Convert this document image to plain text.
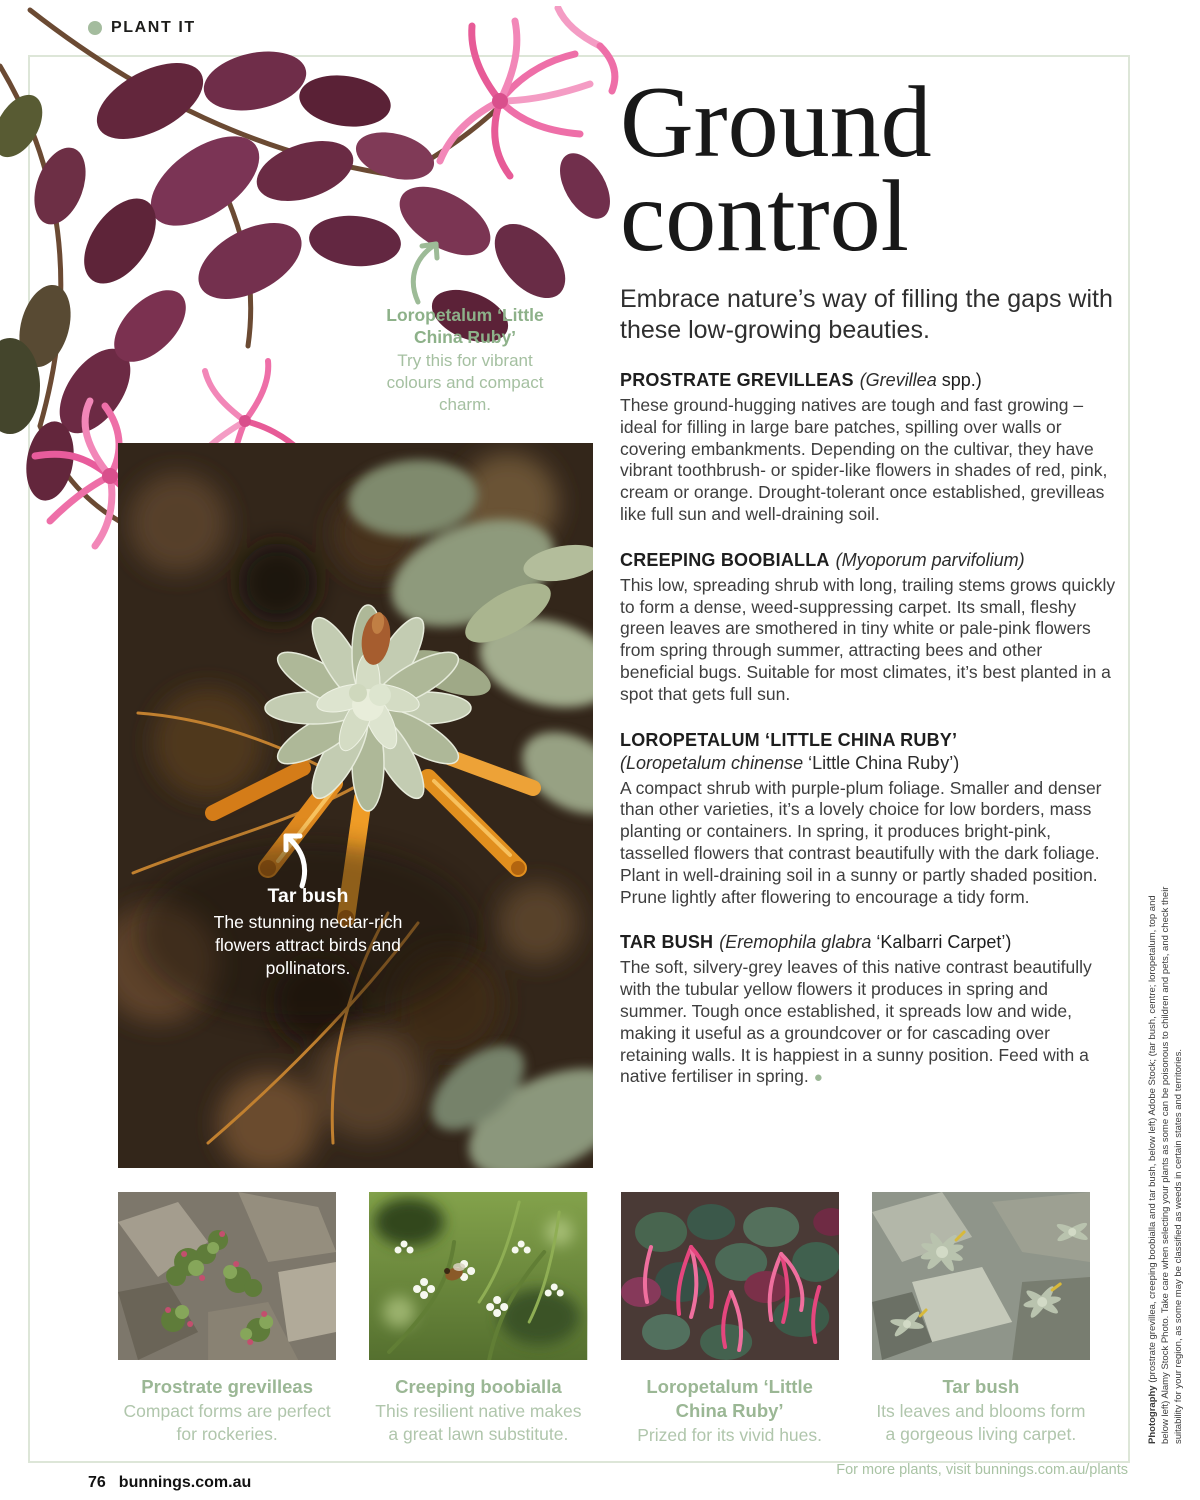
PLANT IT
Loropetalum ‘Little China Ruby’
Try this for vibrant colours and compact charm.
Tar bush
The stunning nectar-rich flowers attract birds and pollinators.
Ground
control
Embrace nature’s way of filling the gaps with these low-growing beauties.
PROSTRATE GREVILLEAS (Grevillea spp.)
These ground-hugging natives are tough and fast growing – ideal for filling in large bare patches, spilling over walls or covering embankments. Depending on the cultivar, they have vibrant toothbrush- or spider-like flowers in shades of red, pink, cream or orange. Drought-tolerant once established, grevilleas like full sun and well-draining soil.
CREEPING BOOBIALLA (Myoporum parvifolium)
This low, spreading shrub with long, trailing stems grows quickly to form a dense, weed-suppressing carpet. Its small, fleshy green leaves are smothered in tiny white or pale-pink flowers from spring through summer, attracting bees and other beneficial bugs. Suitable for most climates, it’s best planted in a spot that gets full sun.
LOROPETALUM ‘LITTLE CHINA RUBY’
(Loropetalum chinense ‘Little China Ruby’)
A compact shrub with purple-plum foliage. Smaller and denser than other varieties, it’s a lovely choice for low borders, mass planting or containers. In spring, it produces bright-pink, tasselled flowers that contrast beautifully with the dark foliage. Plant in well-draining soil in a sunny or partly shaded position. Prune lightly after flowering to encourage a tidy form.
TAR BUSH (Eremophila glabra ‘Kalbarri Carpet’)
The soft, silvery-grey leaves of this native contrast beautifully with the tubular yellow flowers it produces in spring and summer. Tough once established, it spreads low and wide, making it useful as a groundcover or for cascading over retaining walls. It is happiest in a sunny position. Feed with a native fertiliser in spring. ●
Prostrate grevilleas
Compact forms are perfect for rockeries.
Creeping boobialla
This resilient native makes a great lawn substitute.
Loropetalum ‘Little China Ruby’
Prized for its vivid hues.
Tar bush
Its leaves and blooms form a gorgeous living carpet.	Photography (prostrate grevillea, creeping boobialla and tar bush, below left) Adobe Stock; (tar bush, centre; loropetalum, top and below left) Alamy Stock Photo. Take care when selecting your plants as some can be poisonous to children and pets, and check their suitability for your region, as some may be classified as weeds in certain states and territories.
76 bunnings.com.au
For more plants, visit bunnings.com.au/plants
